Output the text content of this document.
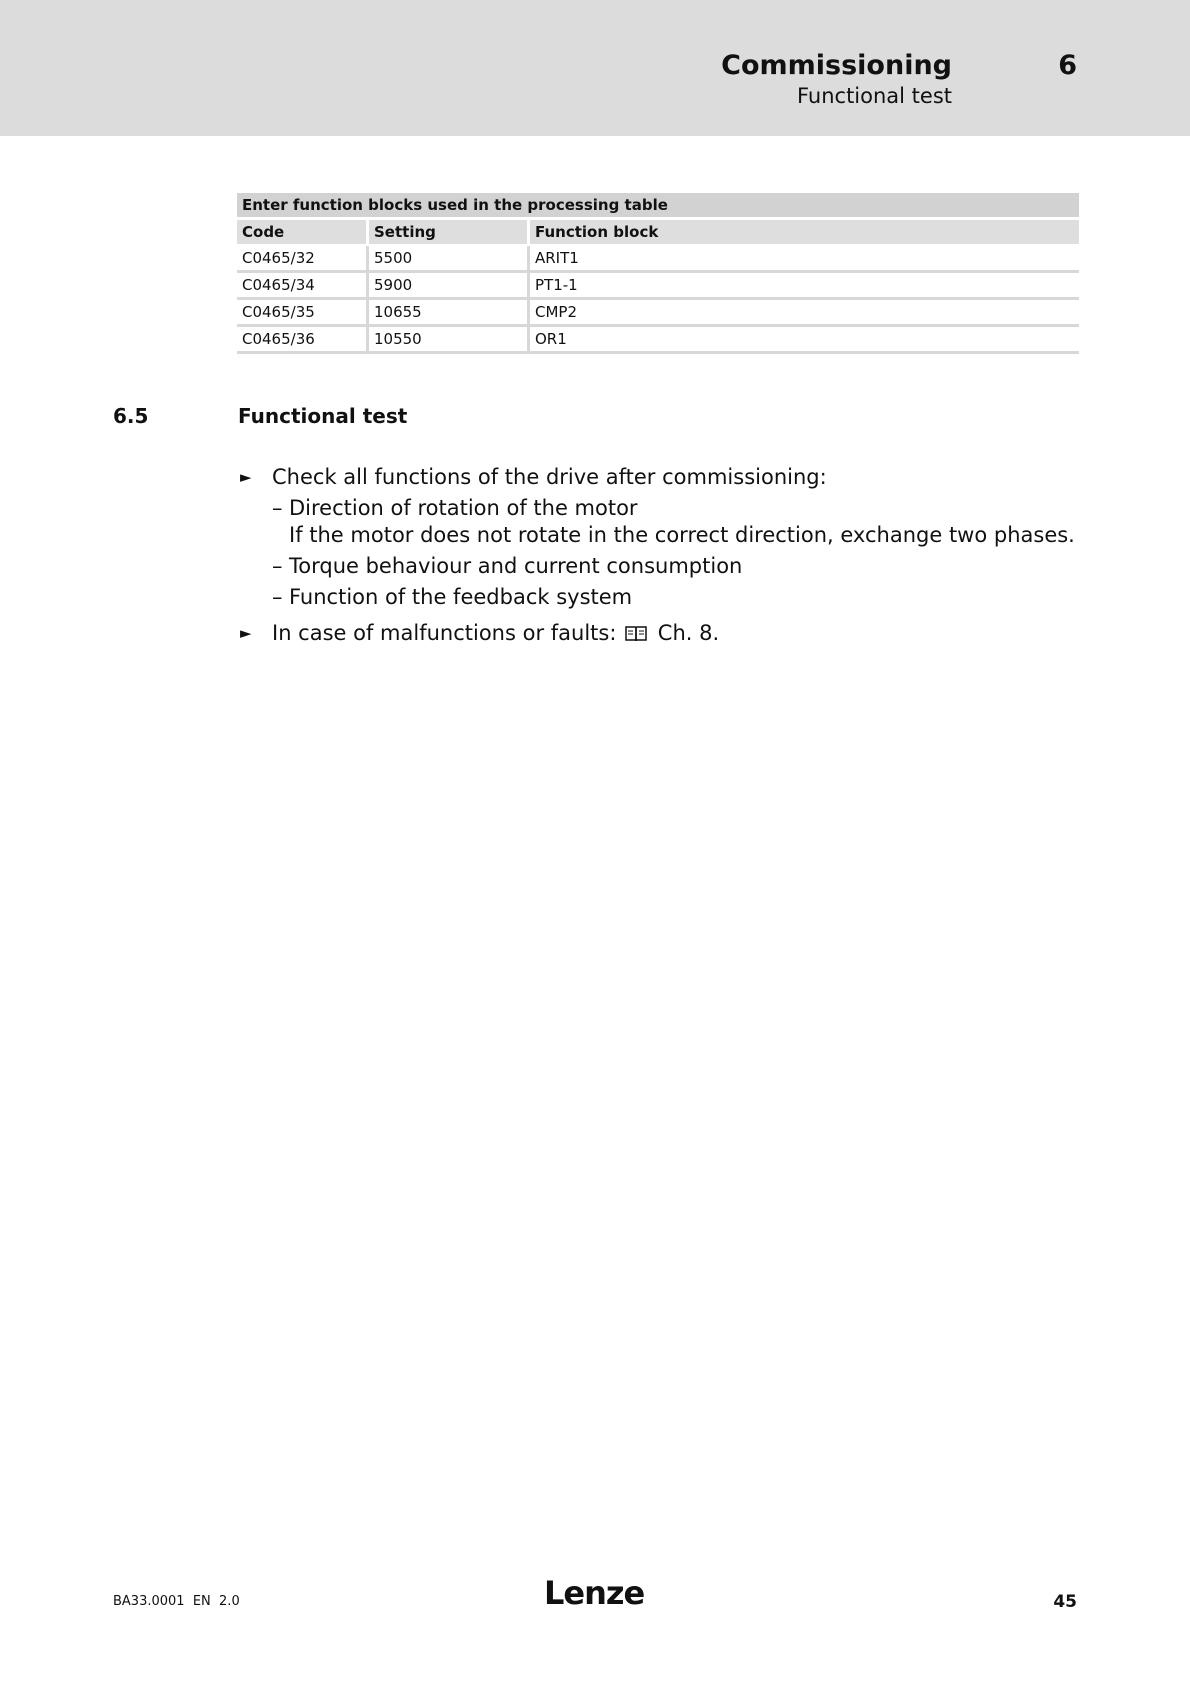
Commissioning	6
Functional test
Enter function blocks used in the processing table		
Code	Setting	Function block
C0465/32	5500	ARIT1
C0465/34	5900	PT1-1
C0465/35	10655	CMP2
C0465/36	10550	OR1
6.5	Functional test
► Check all functions of the drive after commissioning:
– Direction of rotation of the motor
If the motor does not rotate in the correct direction, exchange two phases.
– Torque behaviour and current consumption
– Function of the feedback system
► In case of malfunctions or faults: Ch. 8.
BA33.0001  EN  2.0	Lenze	45
